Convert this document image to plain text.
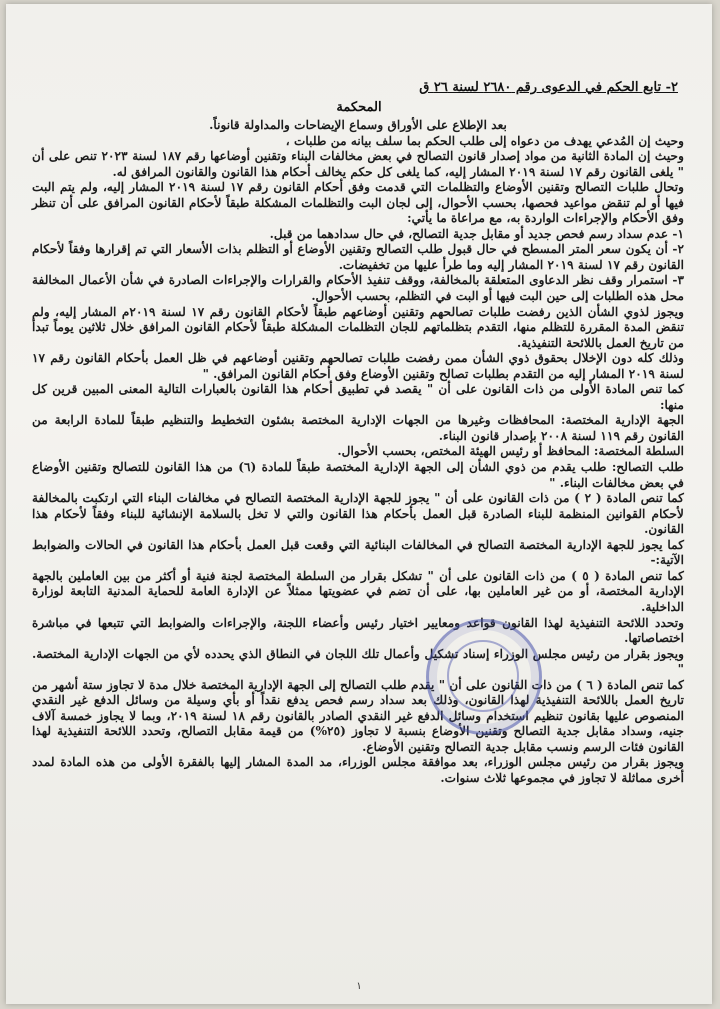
٢- تابع الحكم في الدعوى رقم ٢٦٨٠ لسنة ٢٦ ق
المحكمة

بعد الإطلاع على الأوراق وسماع الإيضاحات والمداولة قانوناً.

وحيث إن المُدعي يهدف من دعواه إلى طلب الحكم بما سلف بيانه من طلبات ،

وحيث إن المادة الثانية من مواد إصدار قانون التصالح في بعض مخالفات البناء وتقنين أوضاعها رقم ١٨٧ لسنة ٢٠٢٣ تنص على أن " يلغى القانون رقم ١٧ لسنة ٢٠١٩ المشار إليه، كما يلغى كل حكم يخالف أحكام هذا القانون والقانون المرافق له.

وتحال طلبات التصالح وتقنين الأوضاع والتظلمات التي قدمت وفق أحكام القانون رقم ١٧ لسنة ٢٠١٩ المشار إليه، ولم يتم البت فيها أو لم تنقض مواعيد فحصها، بحسب الأحوال، إلى لجان البت والتظلمات المشكلة طبقاً لأحكام القانون المرافق على أن تنظر وفق الأحكام والإجراءات الواردة به، مع مراعاة ما يأتي:

١- عدم سداد رسم فحص جديد أو مقابل جدية التصالح، في حال سدادهما من قبل.

٢- أن يكون سعر المتر المسطح في حال قبول طلب التصالح وتقنين الأوضاع أو التظلم بذات الأسعار التي تم إقرارها وفقاً لأحكام القانون رقم ١٧ لسنة ٢٠١٩ المشار إليه وما طرأ عليها من تخفيضات.

٣- استمرار وقف نظر الدعاوى المتعلقة بالمخالفة، ووقف تنفيذ الأحكام والقرارات والإجراءات الصادرة في شأن الأعمال المخالفة محل هذه الطلبات إلى حين البت فيها أو البت في التظلم، بحسب الأحوال.

ويجوز لذوي الشأن الذين رفضت طلبات تصالحهم وتقنين أوضاعهم طبقاً لأحكام القانون رقم ١٧ لسنة ٢٠١٩م المشار إليه، ولم تنقض المدة المقررة للتظلم منها، التقدم بتظلماتهم للجان التظلمات المشكلة طبقاً لأحكام القانون المرافق خلال ثلاثين يوماً تبدأ من تاريخ العمل باللائحة التنفيذية.

وذلك كله دون الإخلال بحقوق ذوي الشأن ممن رفضت طلبات تصالحهم وتقنين أوضاعهم في ظل العمل بأحكام القانون رقم ١٧ لسنة ٢٠١٩ المشار إليه من التقدم بطلبات تصالح وتقنين الأوضاع وفق أحكام القانون المرافق. "

كما تنص المادة الأولى من ذات القانون على أن " يقصد في تطبيق أحكام هذا القانون بالعبارات التالية المعنى المبين قرين كل منها:

الجهة الإدارية المختصة: المحافظات وغيرها من الجهات الإدارية المختصة بشئون التخطيط والتنظيم طبقاً للمادة الرابعة من القانون رقم ١١٩ لسنة ٢٠٠٨ بإصدار قانون البناء.

السلطة المختصة: المحافظ أو رئيس الهيئة المختص، بحسب الأحوال.

طلب التصالح: طلب يقدم من ذوي الشأن إلى الجهة الإدارية المختصة طبقاً للمادة (٦) من هذا القانون للتصالح وتقنين الأوضاع في بعض مخالفات البناء. "

كما تنص المادة ( ٢ ) من ذات القانون على أن " يجوز للجهة الإدارية المختصة التصالح في مخالفات البناء التي ارتكبت بالمخالفة لأحكام القوانين المنظمة للبناء الصادرة قبل العمل بأحكام هذا القانون والتي لا تخل بالسلامة الإنشائية للبناء وفقاً لأحكام هذا القانون.

كما يجوز للجهة الإدارية المختصة التصالح في المخالفات البنائية التي وقعت قبل العمل بأحكام هذا القانون في الحالات والضوابط الآتية:-

كما تنص المادة ( ٥ ) من ذات القانون على أن " تشكل بقرار من السلطة المختصة لجنة فنية أو أكثر من بين العاملين بالجهة الإدارية المختصة، أو من غير العاملين بها، على أن تضم في عضويتها ممثلاً عن الإدارة العامة للحماية المدنية التابعة لوزارة الداخلية.

وتحدد اللائحة التنفيذية لهذا القانون قواعد ومعايير اختيار رئيس وأعضاء اللجنة، والإجراءات والضوابط التي تتبعها في مباشرة اختصاصاتها.

ويجوز بقرار من رئيس مجلس الوزراء إسناد تشكيل وأعمال تلك اللجان في النطاق الذي يحدده لأي من الجهات الإدارية المختصة. "

كما تنص المادة ( ٦ ) من ذات القانون على أن " يقدم طلب التصالح إلى الجهة الإدارية المختصة خلال مدة لا تجاوز ستة أشهر من تاريخ العمل باللائحة التنفيذية لهذا القانون، وذلك بعد سداد رسم فحص يدفع نقداً أو بأي وسيلة من وسائل الدفع غير النقدي المنصوص عليها بقانون تنظيم استخدام وسائل الدفع غير النقدي الصادر بالقانون رقم ١٨ لسنة ٢٠١٩، وبما لا يجاوز خمسة آلاف جنيه، وسداد مقابل جدية التصالح وتقنين الأوضاع بنسبة لا تجاوز (٢٥%) من قيمة مقابل التصالح، وتحدد اللائحة التنفيذية لهذا القانون فئات الرسم ونسب مقابل جدية التصالح وتقنين الأوضاع.

ويجوز بقرار من رئيس مجلس الوزراء، بعد موافقة مجلس الوزراء، مد المدة المشار إليها بالفقرة الأولى من هذه المادة لمدد أخرى مماثلة لا تجاوز في مجموعها ثلاث سنوات.

١
